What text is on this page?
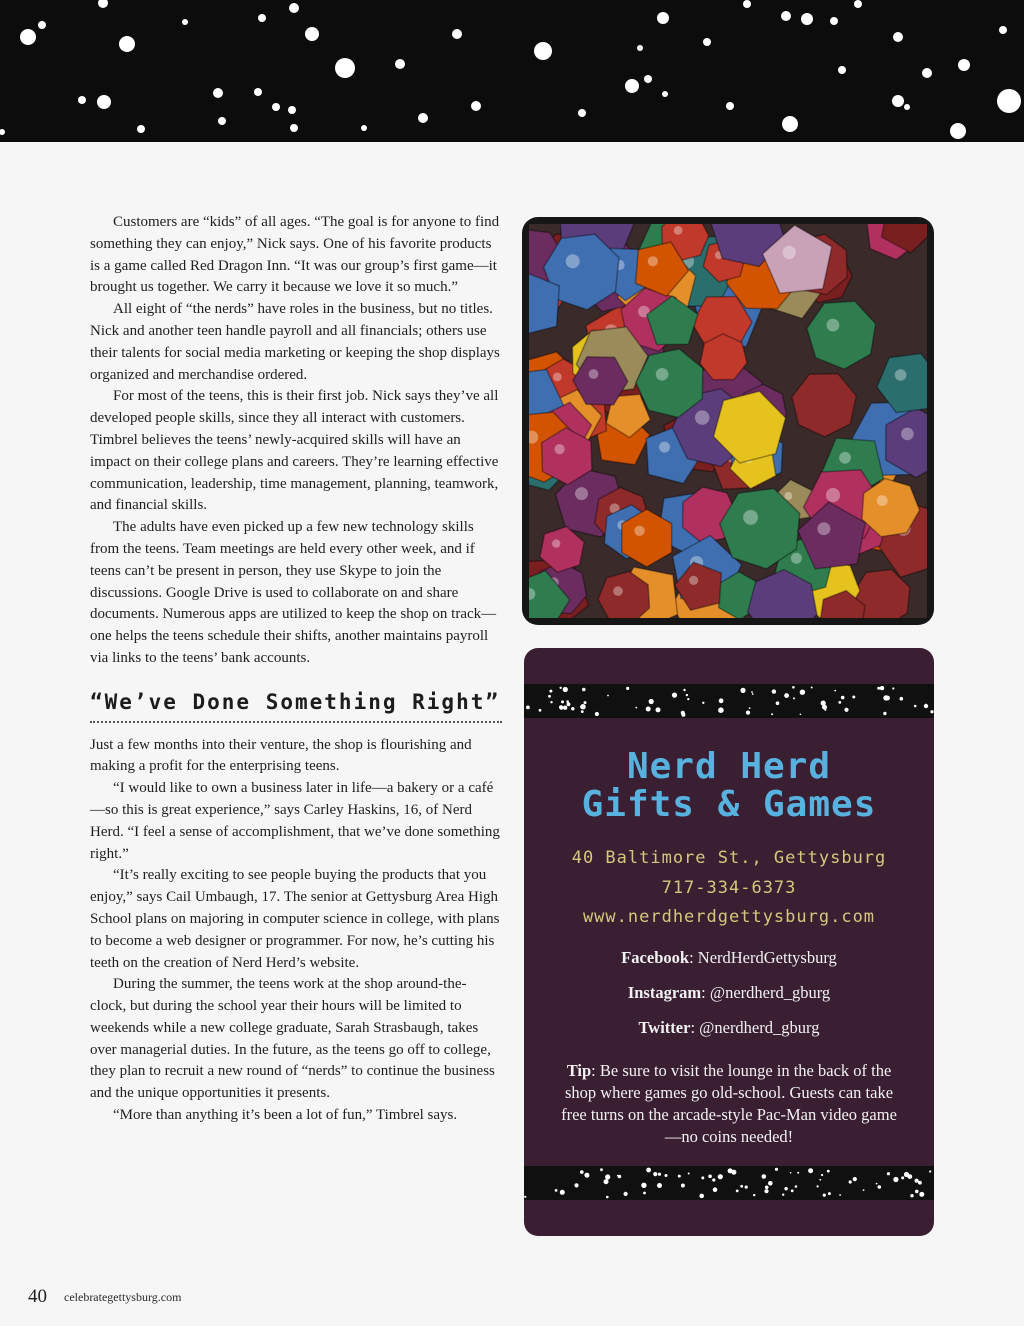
Customers are “kids” of all ages. “The goal is for anyone to find something they can enjoy,” Nick says. One of his favorite products is a game called Red Dragon Inn. “It was our group’s first game—it brought us together. We carry it because we love it so much.”

All eight of “the nerds” have roles in the business, but no titles. Nick and another teen handle payroll and all financials; others use their talents for social media marketing or keeping the shop displays organized and merchandise ordered.

For most of the teens, this is their first job. Nick says they’ve all developed people skills, since they all interact with customers. Timbrel believes the teens’ newly-acquired skills will have an impact on their college plans and careers. They’re learning effective communication, leadership, time management, planning, teamwork, and financial skills.

The adults have even picked up a few new technology skills from the teens. Team meetings are held every other week, and if teens can’t be present in person, they use Skype to join the discussions. Google Drive is used to collaborate on and share documents. Numerous apps are utilized to keep the shop on track—one helps the teens schedule their shifts, another maintains payroll via links to the teens’ bank accounts.

“We’ve Done Something Right”

Just a few months into their venture, the shop is flourishing and making a profit for the enterprising teens.

“I would like to own a business later in life—a bakery or a café—so this is great experience,” says Carley Haskins, 16, of Nerd Herd. “I feel a sense of accomplishment, that we’ve done something right.”

“It’s really exciting to see people buying the products that you enjoy,” says Cail Umbaugh, 17. The senior at Gettysburg Area High School plans on majoring in computer science in college, with plans to become a web designer or programmer. For now, he’s cutting his teeth on the creation of Nerd Herd’s website.

During the summer, the teens work at the shop around-the-clock, but during the school year their hours will be limited to weekends while a new college graduate, Sarah Strasbaugh, takes over managerial duties. In the future, as the teens go off to college, they plan to recruit a new round of “nerds” to continue the business and the unique opportunities it presents.

“More than anything it’s been a lot of fun,” Timbrel says.

Nerd Herd
Gifts & Games
40 Baltimore St., Gettysburg
717-334-6373
www.nerdherdgettysburg.com
Facebook: NerdHerdGettysburg
Instagram: @nerdherd_gburg
Twitter: @nerdherd_gburg
Tip: Be sure to visit the lounge in the back of the shop where games go old-school. Guests can take free turns on the arcade-style Pac-Man video game—no coins needed!
40 celebrategettysburg.com
